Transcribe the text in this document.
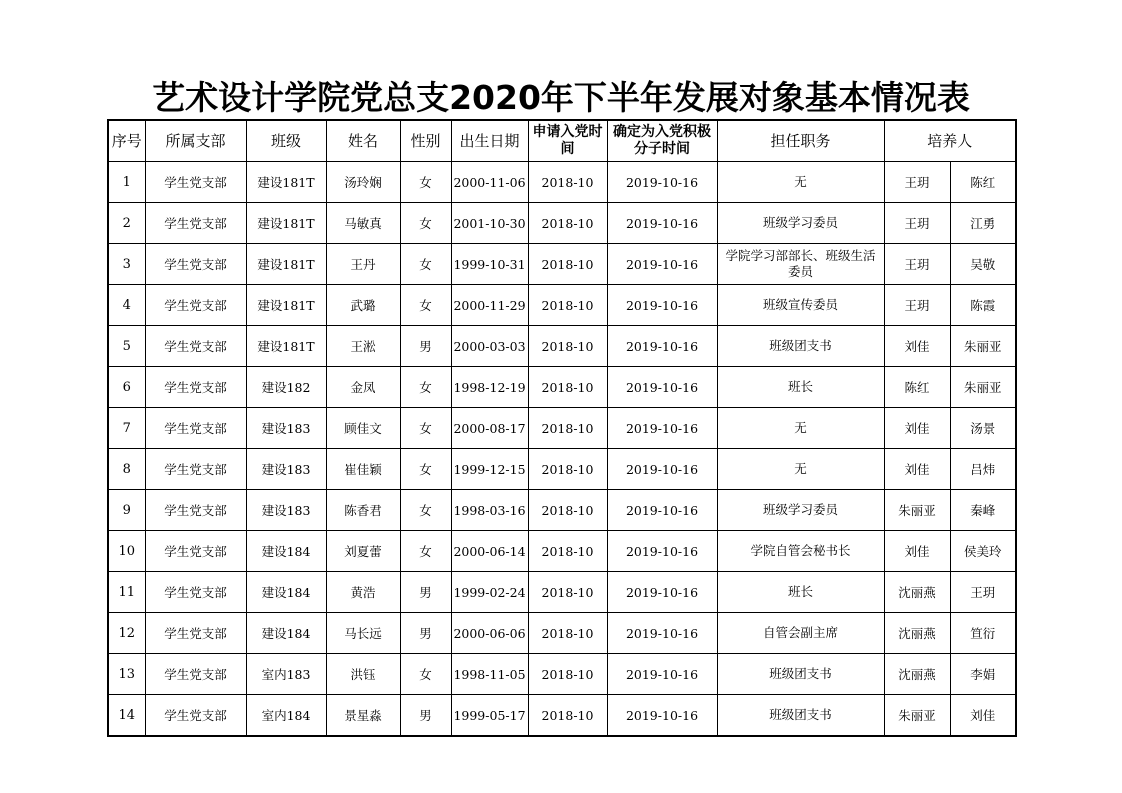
艺术设计学院党总支2020年下半年发展对象基本情况表
序号	所属支部	班级	姓名	性别	出生日期	申请入党时间	确定为入党积极分子时间	担任职务	培养人	
1	学生党支部	建设181T	汤玲娴	女	2000-11-06	2018-10	2019-10-16	无	王玥	陈红
2	学生党支部	建设181T	马敏真	女	2001-10-30	2018-10	2019-10-16	班级学习委员	王玥	江勇
3	学生党支部	建设181T	王丹	女	1999-10-31	2018-10	2019-10-16	学院学习部部长、班级生活委员	王玥	吴敬
4	学生党支部	建设181T	武璐	女	2000-11-29	2018-10	2019-10-16	班级宣传委员	王玥	陈霞
5	学生党支部	建设181T	王淞	男	2000-03-03	2018-10	2019-10-16	班级团支书	刘佳	朱丽亚
6	学生党支部	建设182	金凤	女	1998-12-19	2018-10	2019-10-16	班长	陈红	朱丽亚
7	学生党支部	建设183	顾佳文	女	2000-08-17	2018-10	2019-10-16	无	刘佳	汤景
8	学生党支部	建设183	崔佳颖	女	1999-12-15	2018-10	2019-10-16	无	刘佳	吕炜
9	学生党支部	建设183	陈香君	女	1998-03-16	2018-10	2019-10-16	班级学习委员	朱丽亚	秦峰
10	学生党支部	建设184	刘夏蕾	女	2000-06-14	2018-10	2019-10-16	学院自管会秘书长	刘佳	侯美玲
11	学生党支部	建设184	黄浩	男	1999-02-24	2018-10	2019-10-16	班长	沈丽燕	王玥
12	学生党支部	建设184	马长远	男	2000-06-06	2018-10	2019-10-16	自管会副主席	沈丽燕	笪衍
13	学生党支部	室内183	洪钰	女	1998-11-05	2018-10	2019-10-16	班级团支书	沈丽燕	李娟
14	学生党支部	室内184	景星淼	男	1999-05-17	2018-10	2019-10-16	班级团支书	朱丽亚	刘佳
